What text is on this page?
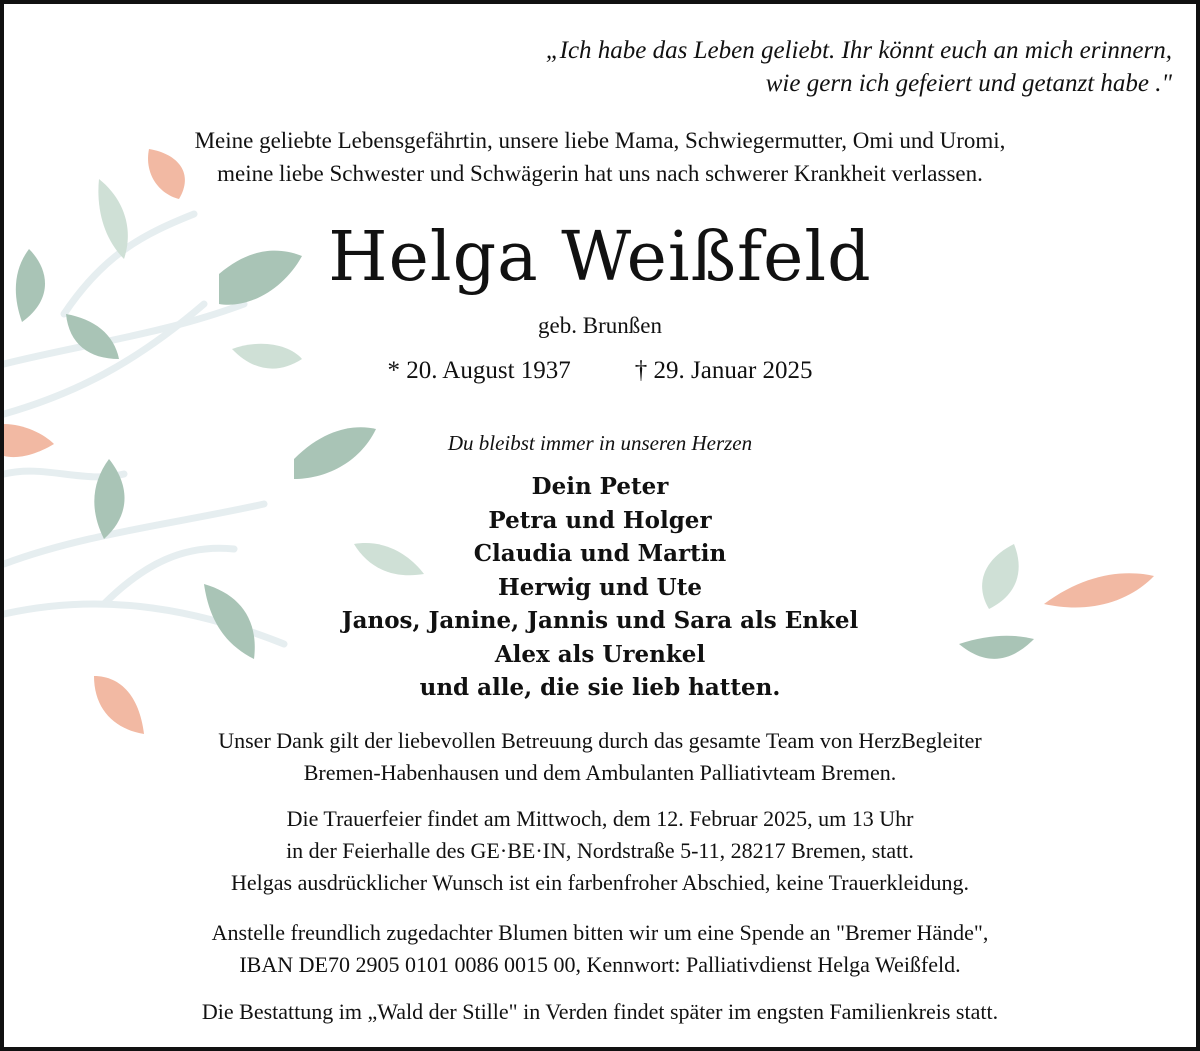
„Ich habe das Leben geliebt. Ihr könnt euch an mich erinnern,
wie gern ich gefeiert und getanzt habe ."
Meine geliebte Lebensgefährtin, unsere liebe Mama, Schwiegermutter, Omi und Uromi,
meine liebe Schwester und Schwägerin hat uns nach schwerer Krankheit verlassen.
Helga Weißfeld
geb. Brunßen
* 20. August 1937	† 29. Januar 2025
Du bleibst immer in unseren Herzen
Dein Peter
Petra und Holger
Claudia und Martin
Herwig und Ute
Janos, Janine, Jannis und Sara als Enkel
Alex als Urenkel
und alle, die sie lieb hatten.
Unser Dank gilt der liebevollen Betreuung durch das gesamte Team von HerzBegleiter
Bremen-Habenhausen und dem Ambulanten Palliativteam Bremen.
Die Trauerfeier findet am Mittwoch, dem 12. Februar 2025, um 13 Uhr
in der Feierhalle des GE·BE·IN, Nordstraße 5-11, 28217 Bremen, statt.
Helgas ausdrücklicher Wunsch ist ein farbenfroher Abschied, keine Trauerkleidung.
Anstelle freundlich zugedachter Blumen bitten wir um eine Spende an "Bremer Hände",
IBAN DE70 2905 0101 0086 0015 00, Kennwort: Palliativdienst Helga Weißfeld.
Die Bestattung im „Wald der Stille" in Verden findet später im engsten Familienkreis statt.
